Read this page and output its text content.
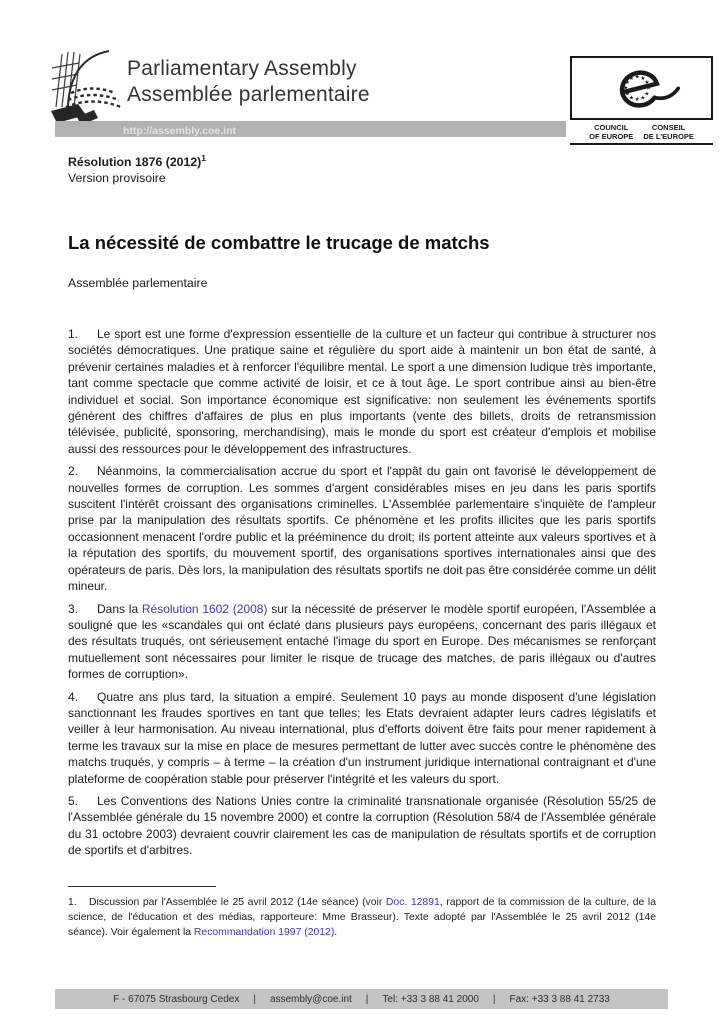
Parliamentary Assembly
Assemblée parlementaire
http://assembly.coe.int
★
★
★
★
★
★
★
★
★ ★ ★
★
COUNCIL
OF EUROPE
CONSEIL
DE L'EUROPE
Résolution 1876 $(2012)^1$
Version provisoire
La nécessité de combattre le trucage de matchs
Assemblée parlementaire

1. Le sport est une forme d'expression essentielle de la culture et un facteur qui contribue à structurer nos sociétés démocratiques. Une pratique saine et régulière du sport aide à maintenir un bon état de santé, à prévenir certaines maladies et à renforcer l'équilibre mental. Le sport a une dimension ludique très importante, tant comme spectacle que comme activité de loisir, et ce à tout âge. Le sport contribue ainsi au bien-être individuel et social. Son importance économique est significative: non seulement les événements sportifs génèrent des chiffres d'affaires de plus en plus importants (vente des billets, droits de retransmission télévisée, publicité, sponsoring, merchandising), mais le monde du sport est créateur d'emplois et mobilise aussi des ressources pour le développement des infrastructures.

2. Néanmoins, la commercialisation accrue du sport et l'appât du gain ont favorisé le développement de nouvelles formes de corruption. Les sommes d'argent considérables mises en jeu dans les paris sportifs suscitent l'intérêt croissant des organisations criminelles. L'Assemblée parlementaire s'inquiète de l'ampleur prise par la manipulation des résultats sportifs. Ce phénomène et les profits illicites que les paris sportifs occasionnent menacent l'ordre public et la prééminence du droit; ils portent atteinte aux valeurs sportives et à la réputation des sportifs, du mouvement sportif, des organisations sportives internationales ainsi que des opérateurs de paris. Dès lors, la manipulation des résultats sportifs ne doit pas être considérée comme un délit mineur.

3. Dans la Résolution 1602 (2008) sur la nécessité de préserver le modèle sportif européen, l'Assemblée a souligné que les «scandales qui ont éclaté dans plusieurs pays européens, concernant des paris illégaux et des résultats truqués, ont sérieusement entaché l'image du sport en Europe. Des mécanismes se renforçant mutuellement sont nécessaires pour limiter le risque de trucage des matches, de paris illégaux ou d'autres formes de corruption».

4. Quatre ans plus tard, la situation a empiré. Seulement 10 pays au monde disposent d'une législation sanctionnant les fraudes sportives en tant que telles; les Etats devraient adapter leurs cadres législatifs et veiller à leur harmonisation. Au niveau international, plus d'efforts doivent être faits pour mener rapidement à terme les travaux sur la mise en place de mesures permettant de lutter avec succès contre le phénomène des matchs truqués, y compris – à terme – la création d'un instrument juridique international contraignant et d'une plateforme de coopération stable pour préserver l'intégrité et les valeurs du sport.

5. Les Conventions des Nations Unies contre la criminalité transnationale organisée (Résolution 55/25 de l'Assemblée générale du 15 novembre 2000) et contre la corruption (Résolution 58/4 de l'Assemblée générale du 31 octobre 2003) devraient couvrir clairement les cas de manipulation de résultats sportifs et de corruption de sportifs et d'arbitres.

1. Discussion par l'Assemblée le 25 avril 2012 (14e séance) (voir Doc. 12891, rapport de la commission de la culture, de la science, de l'éducation et des médias, rapporteure: Mme Brasseur). Texte adopté par l'Assemblée le 25 avril 2012 (14e séance). Voir également la Recommandation 1997 (2012).
F - 67075 Strasbourg Cedex | assembly@coe.int | Tel: +33 3 88 41 2000 | Fax: +33 3 88 41 2733
